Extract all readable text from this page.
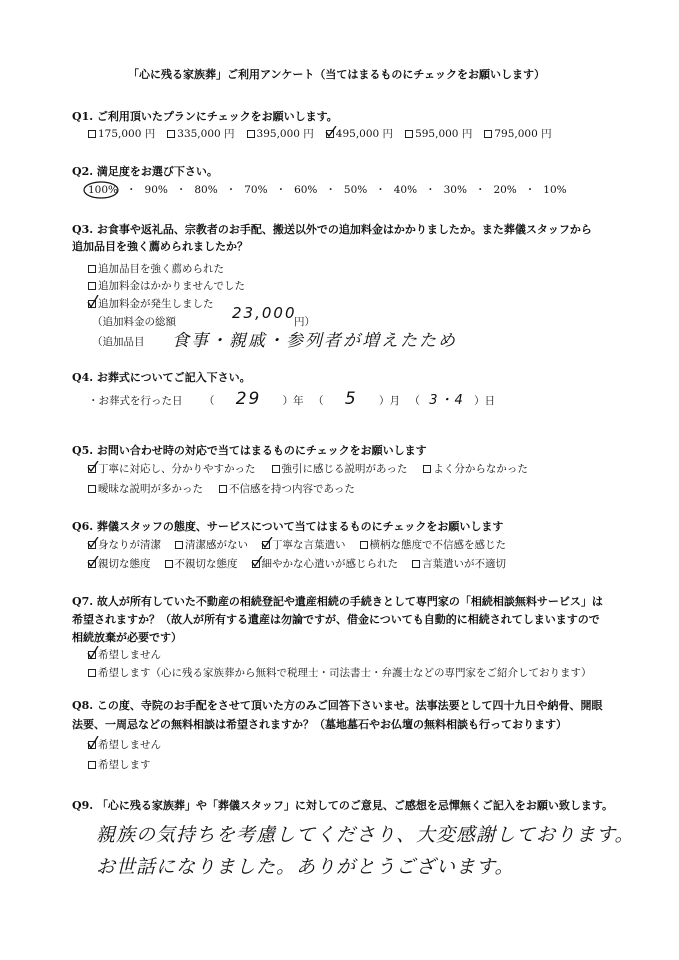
「心に残る家族葬」ご利用アンケート（当てはまるものにチェックをお願いします）
Q1. ご利用頂いたプランにチェックをお願いします。
175,000 円 335,000 円 395,000 円 495,000 円 595,000 円 795,000 円
Q2. 満足度をお選び下さい。
100% ・ 90% ・ 80% ・ 70% ・ 60% ・ 50% ・ 40% ・ 30% ・ 20% ・ 10%
Q3. お食事や返礼品、宗教者のお手配、搬送以外での追加料金はかかりましたか。また葬儀スタッフから
追加品目を強く薦められましたか？
追加品目を強く薦められた
追加料金はかかりませんでした
追加料金が発生しました
（追加料金の総額	23,000
円）
（追加品目 食事・親戚・参列者が増えたため
Q4. お葬式についてご記入下さい。
・お葬式を行った日 （ 29 ）年 （ 5 ）月 （ 3・4 ）日
Q5. お問い合わせ時の対応で当てはまるものにチェックをお願いします
丁寧に対応し、分かりやすかった 強引に感じる説明があった よく分からなかった
曖昧な説明が多かった 不信感を持つ内容であった
Q6. 葬儀スタッフの態度、サービスについて当てはまるものにチェックをお願いします
身なりが清潔 清潔感がない 丁寧な言葉遣い 横柄な態度で不信感を感じた
親切な態度 不親切な態度 細やかな心遣いが感じられた 言葉遣いが不適切
Q7. 故人が所有していた不動産の相続登記や遺産相続の手続きとして専門家の「相続相談無料サービス」は
希望されますか？（故人が所有する遺産は勿論ですが、借金についても自動的に相続されてしまいますので
相続放棄が必要です）
希望しません
希望します（心に残る家族葬から無料で税理士・司法書士・弁護士などの専門家をご紹介しております）
Q8. この度、寺院のお手配をさせて頂いた方のみご回答下さいませ。法事法要として四十九日や納骨、開眼
法要、一周忌などの無料相談は希望されますか？（墓地墓石やお仏壇の無料相談も行っております）
希望しません
希望します
Q9. 「心に残る家族葬」や「葬儀スタッフ」に対してのご意見、ご感想を忌憚無くご記入をお願い致します。
親族の気持ちを考慮してくださり、大変感謝しております。
お世話になりました。ありがとうございます。
